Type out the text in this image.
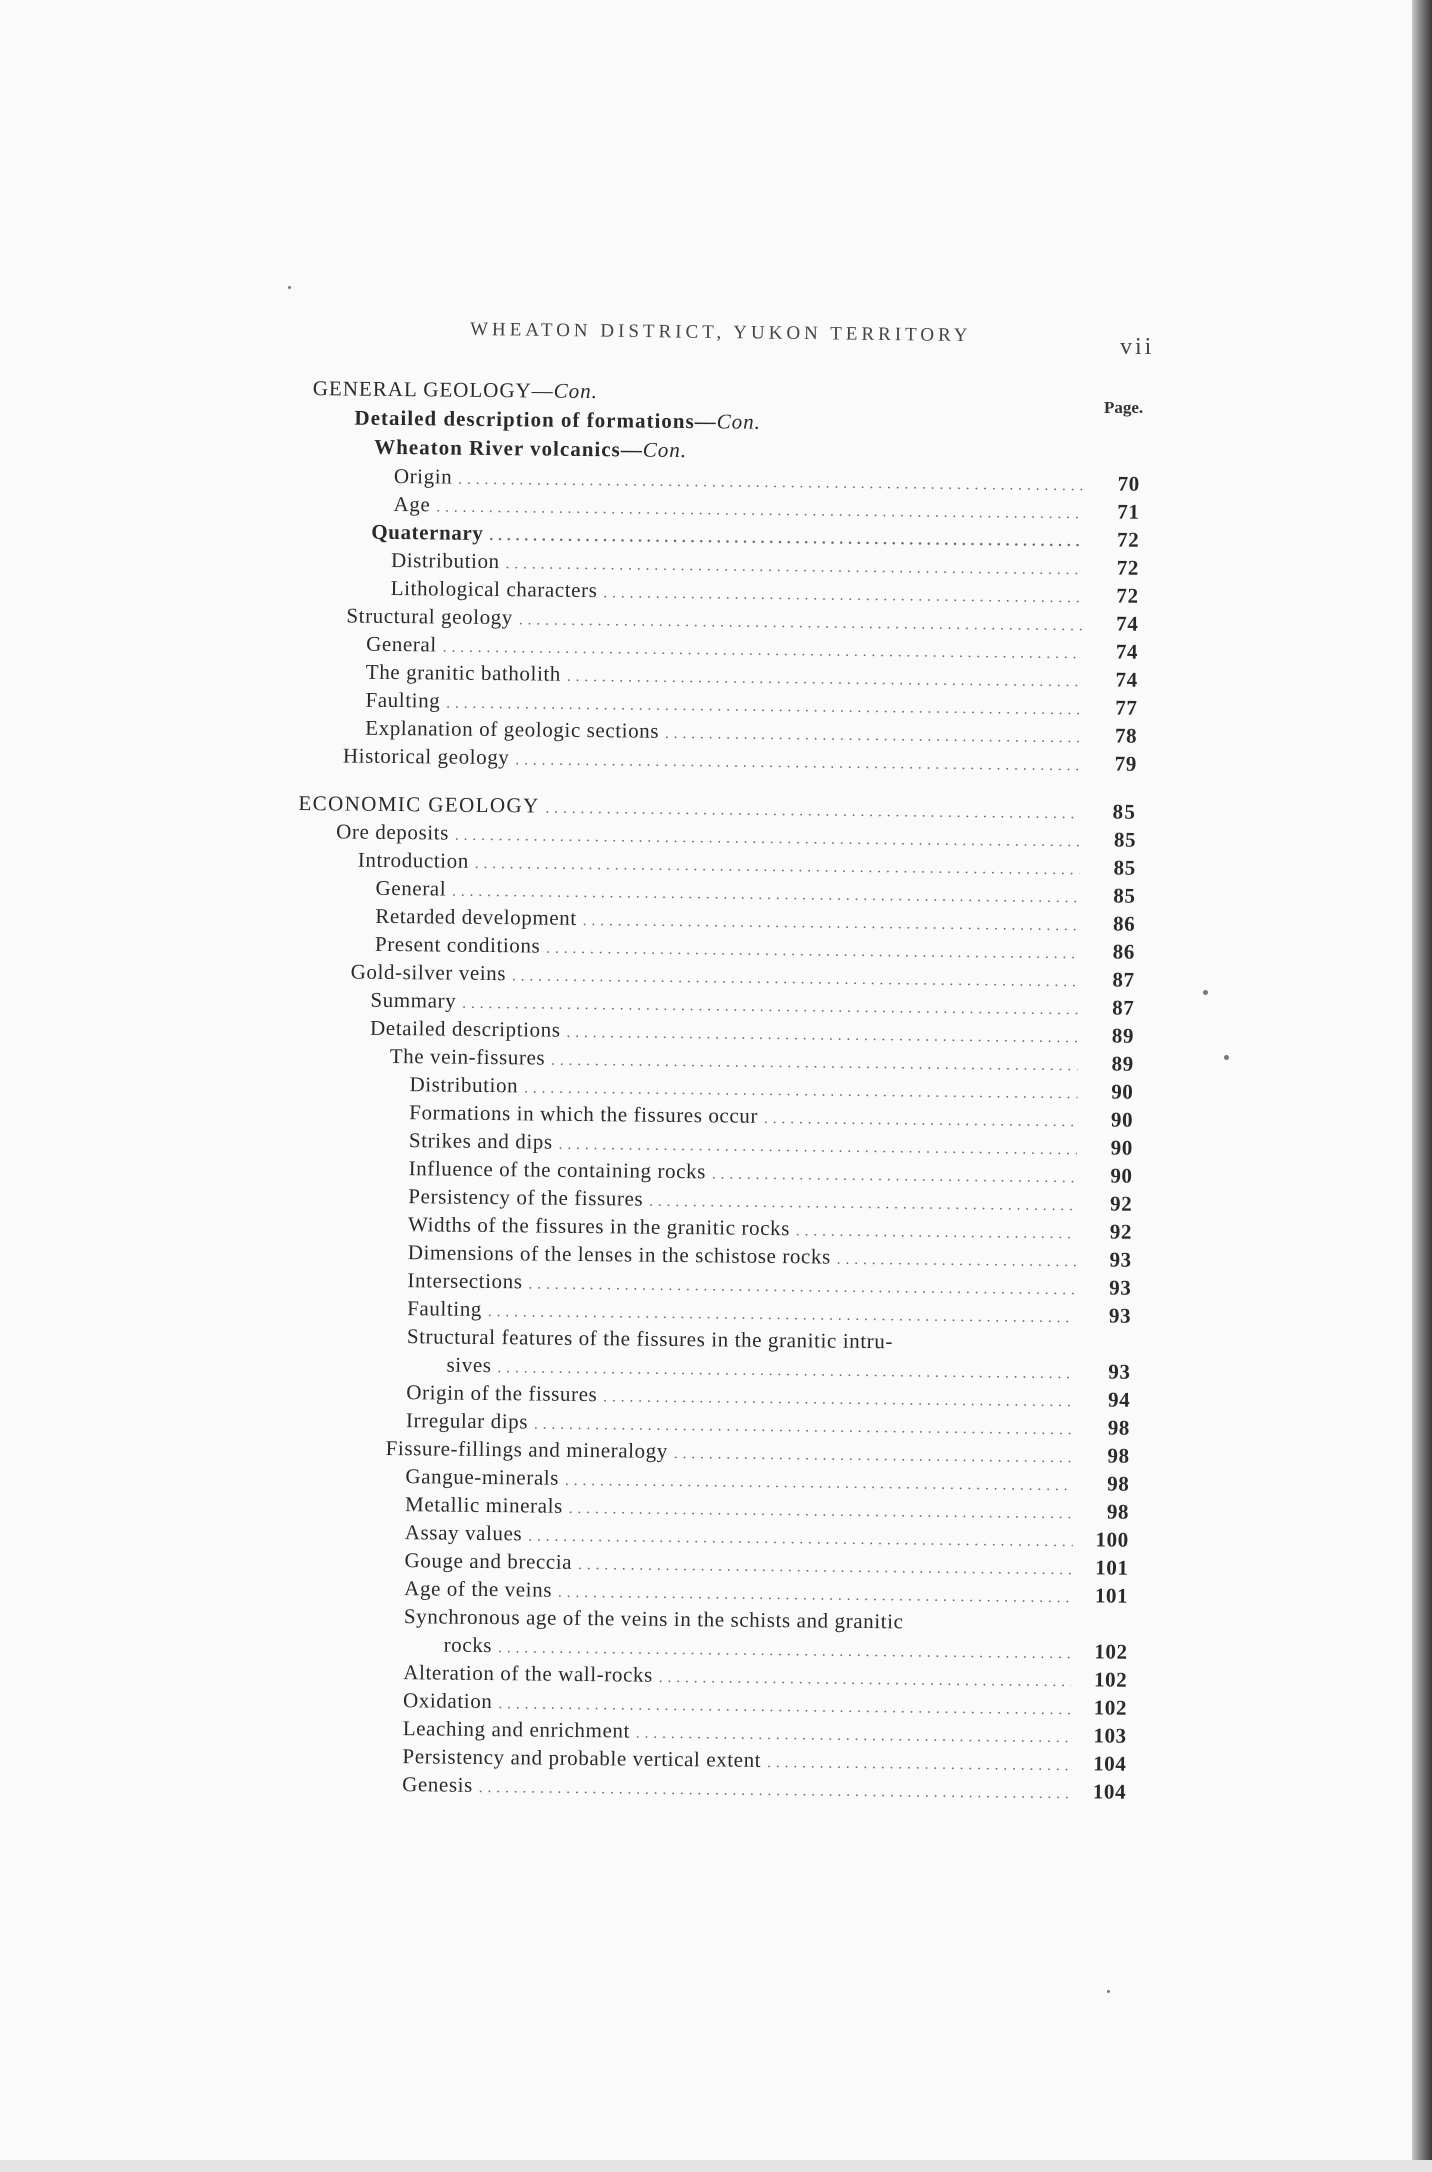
WHEATON DISTRICT, YUKON TERRITORY
vii
Page.
GENERAL GEOLOGY—Con.
Detailed description of formations—Con.
Wheaton River volcanics—Con.
Origin .....	70
Age .....	71
Quaternary .....	72
Distribution .....	72
Lithological characters .....	72
Structural geology .....	74
General .....	74
The granitic batholith .....	74
Faulting .....	77
Explanation of geologic sections .....	78
Historical geology .....	79
ECONOMIC GEOLOGY .....	85
Ore deposits .....	85
Introduction .....	85
General .....	85
Retarded development .....	86
Present conditions .....	86
Gold-silver veins .....	87
Summary .....	87
Detailed descriptions .....	89
The vein-fissures .....	89
Distribution .....	90
Formations in which the fissures occur .....	90
Strikes and dips .....	90
Influence of the containing rocks .....	90
Persistency of the fissures .....	92
Widths of the fissures in the granitic rocks .....	92
Dimensions of the lenses in the schistose rocks .....	93
Intersections .....	93
Faulting .....	93
Structural features of the fissures in the granitic intru-
sives .....	93
Origin of the fissures .....	94
Irregular dips .....	98
Fissure-fillings and mineralogy .....	98
Gangue-minerals .....	98
Metallic minerals .....	98
Assay values .....	100
Gouge and breccia .....	101
Age of the veins .....	101
Synchronous age of the veins in the schists and granitic
rocks .....	102
Alteration of the wall-rocks .....	102
Oxidation .....	102
Leaching and enrichment .....	103
Persistency and probable vertical extent .....	104
Genesis .....	104
